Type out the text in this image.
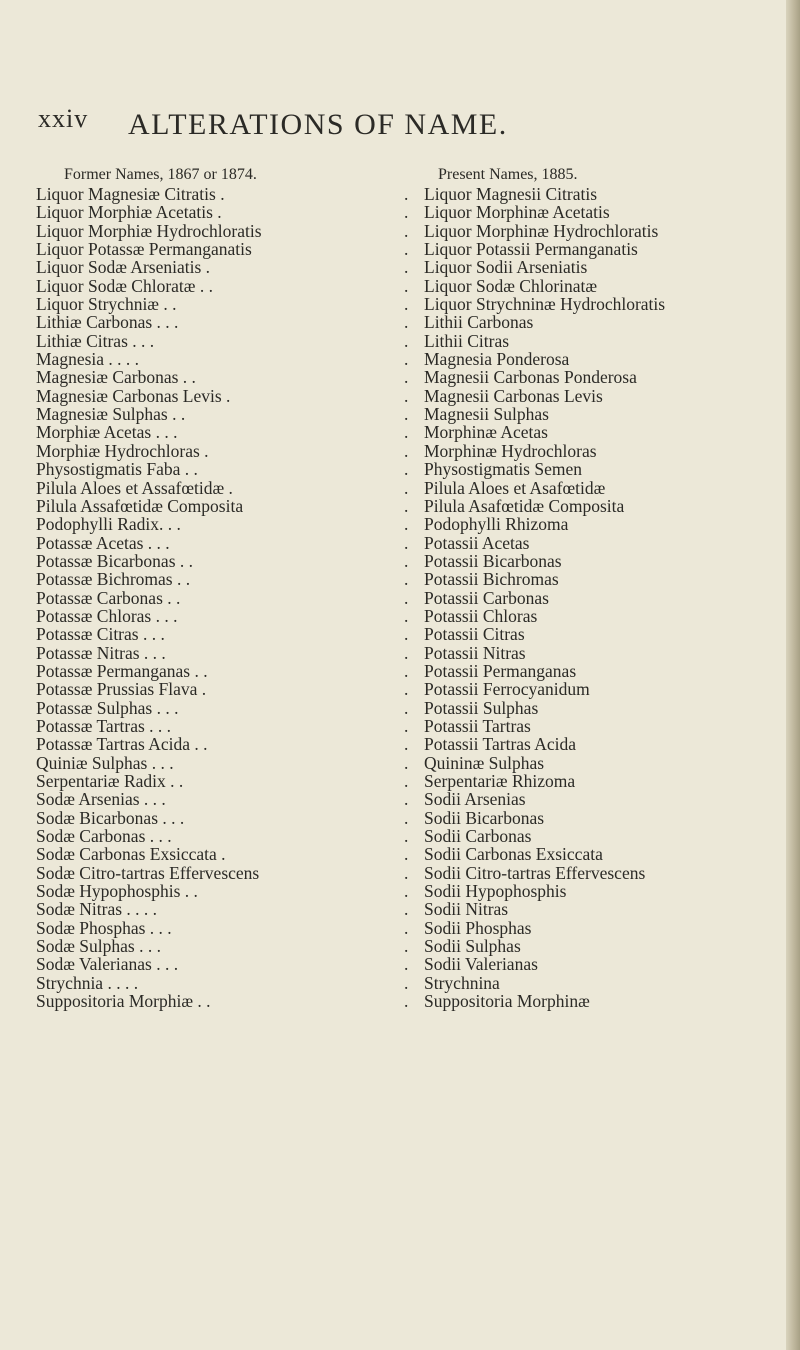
xxiv ALTERATIONS OF NAME.
Former Names, 1867 or 1874.	Present Names, 1885.
Liquor Magnesiæ Citratis .	. Liquor Magnesii Citratis
Liquor Morphiæ Acetatis .	. Liquor Morphinæ Acetatis
Liquor Morphiæ Hydrochloratis	. Liquor Morphinæ Hydrochloratis
Liquor Potassæ Permanganatis	. Liquor Potassii Permanganatis
Liquor Sodæ Arseniatis .	. Liquor Sodii Arseniatis
Liquor Sodæ Chloratæ . .	. Liquor Sodæ Chlorinatæ
Liquor Strychniæ . .	. Liquor Strychninæ Hydrochloratis
Lithiæ Carbonas . . .	. Lithii Carbonas
Lithiæ Citras . . .	. Lithii Citras
Magnesia . . . .	. Magnesia Ponderosa
Magnesiæ Carbonas . .	. Magnesii Carbonas Ponderosa
Magnesiæ Carbonas Levis .	. Magnesii Carbonas Levis
Magnesiæ Sulphas . .	. Magnesii Sulphas
Morphiæ Acetas . . .	. Morphinæ Acetas
Morphiæ Hydrochloras .	. Morphinæ Hydrochloras
Physostigmatis Faba . .	. Physostigmatis Semen
Pilula Aloes et Assafœtidæ .	. Pilula Aloes et Asafœtidæ
Pilula Assafœtidæ Composita	. Pilula Asafœtidæ Composita
Podophylli Radix. . .	. Podophylli Rhizoma
Potassæ Acetas . . .	. Potassii Acetas
Potassæ Bicarbonas . .	. Potassii Bicarbonas
Potassæ Bichromas . .	. Potassii Bichromas
Potassæ Carbonas . .	. Potassii Carbonas
Potassæ Chloras . . .	. Potassii Chloras
Potassæ Citras . . .	. Potassii Citras
Potassæ Nitras . . .	. Potassii Nitras
Potassæ Permanganas . .	. Potassii Permanganas
Potassæ Prussias Flava .	. Potassii Ferrocyanidum
Potassæ Sulphas . . .	. Potassii Sulphas
Potassæ Tartras . . .	. Potassii Tartras
Potassæ Tartras Acida . .	. Potassii Tartras Acida
Quiniæ Sulphas . . .	. Quininæ Sulphas
Serpentariæ Radix . .	. Serpentariæ Rhizoma
Sodæ Arsenias . . .	. Sodii Arsenias
Sodæ Bicarbonas . . .	. Sodii Bicarbonas
Sodæ Carbonas . . .	. Sodii Carbonas
Sodæ Carbonas Exsiccata .	. Sodii Carbonas Exsiccata
Sodæ Citro-tartras Effervescens	. Sodii Citro-tartras Effervescens
Sodæ Hypophosphis . .	. Sodii Hypophosphis
Sodæ Nitras . . . .	. Sodii Nitras
Sodæ Phosphas . . .	. Sodii Phosphas
Sodæ Sulphas . . .	. Sodii Sulphas
Sodæ Valerianas . . .	. Sodii Valerianas
Strychnia . . . .	. Strychnina
Suppositoria Morphiæ . .	. Suppositoria Morphinæ
